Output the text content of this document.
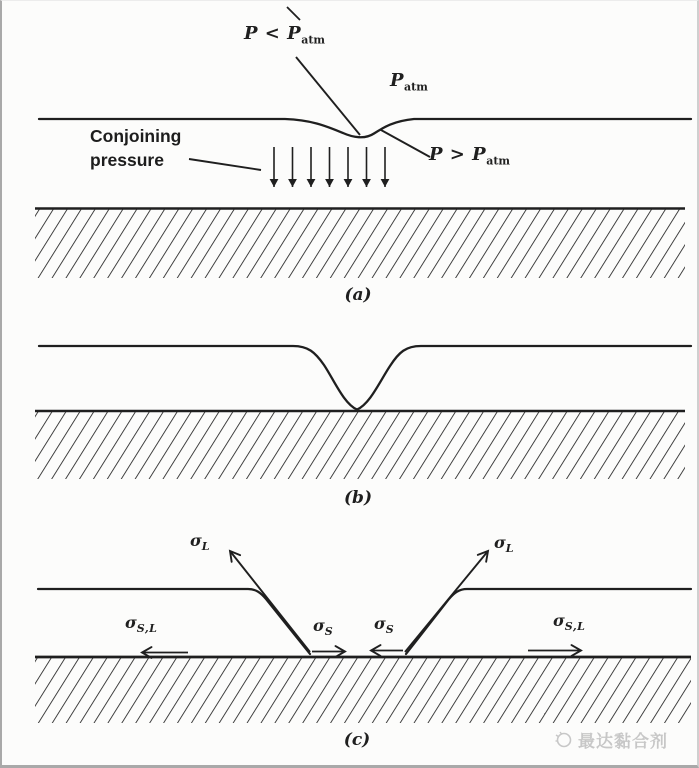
$P < P_{atm}$
$P_{atm}$
$P > P_{atm}$
Conjoining
pressure
(a)
(b)
(c)
$\sigma_L$	$\sigma_L$
$\sigma_S$	$\sigma_S$
$\sigma_{S,L}$	$\sigma_{S,L}$
最达黏合剂
